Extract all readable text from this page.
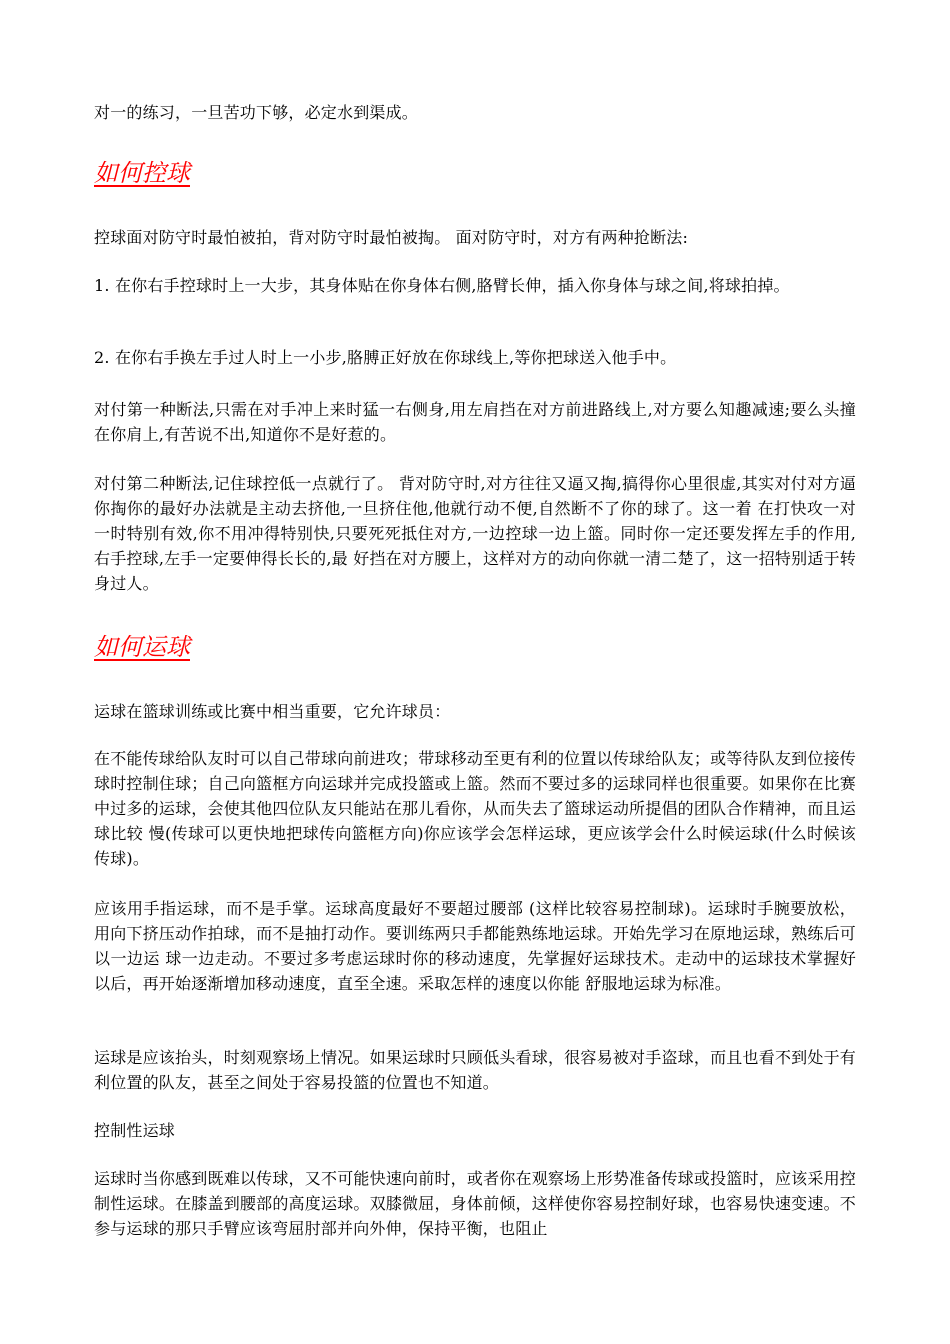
对一的练习，一旦苦功下够，必定水到渠成。

如何控球

控球面对防守时最怕被拍，背对防守时最怕被掏。 面对防守时，对方有两种抢断法:

1. 在你右手控球时上一大步，其身体贴在你身体右侧,胳臂长伸，插入你身体与球之间,将球拍掉。

2. 在你右手换左手过人时上一小步,胳膊正好放在你球线上,等你把球送入他手中。

对付第一种断法,只需在对手冲上来时猛一右侧身,用左肩挡在对方前进路线上,对方要么知趣减速;要么头撞在你肩上,有苦说不出,知道你不是好惹的。

对付第二种断法,记住球控低一点就行了。 背对防守时,对方往往又逼又掏,搞得你心里很虚,其实对付对方逼你掏你的最好办法就是主动去挤他,一旦挤住他,他就行动不便,自然断不了你的球了。这一着 在打快攻一对一时特别有效,你不用冲得特别快,只要死死抵住对方,一边控球一边上篮。同时你一定还要发挥左手的作用,右手控球,左手一定要伸得长长的,最 好挡在对方腰上，这样对方的动向你就一清二楚了，这一招特别适于转身过人。

如何运球

运球在篮球训练或比赛中相当重要，它允许球员：

在不能传球给队友时可以自己带球向前进攻；带球移动至更有利的位置以传球给队友；或等待队友到位接传球时控制住球；自己向篮框方向运球并完成投篮或上篮。然而不要过多的运球同样也很重要。如果你在比赛中过多的运球，会使其他四位队友只能站在那儿看你，从而失去了篮球运动所提倡的团队合作精神，而且运球比较 慢(传球可以更快地把球传向篮框方向)你应该学会怎样运球，更应该学会什么时候运球(什么时候该传球)。

应该用手指运球，而不是手掌。运球高度最好不要超过腰部 (这样比较容易控制球)。运球时手腕要放松，用向下挤压动作拍球，而不是抽打动作。要训练两只手都能熟练地运球。开始先学习在原地运球，熟练后可以一边运 球一边走动。不要过多考虑运球时你的移动速度，先掌握好运球技术。走动中的运球技术掌握好以后，再开始逐渐增加移动速度，直至全速。采取怎样的速度以你能 舒服地运球为标准。

运球是应该抬头，时刻观察场上情况。如果运球时只顾低头看球，很容易被对手盗球，而且也看不到处于有利位置的队友，甚至之间处于容易投篮的位置也不知道。

控制性运球

运球时当你感到既难以传球，又不可能快速向前时，或者你在观察场上形势准备传球或投篮时，应该采用控制性运球。在膝盖到腰部的高度运球。双膝微屈，身体前倾，这样使你容易控制好球，也容易快速变速。不参与运球的那只手臂应该弯屈肘部并向外伸，保持平衡，也阻止
